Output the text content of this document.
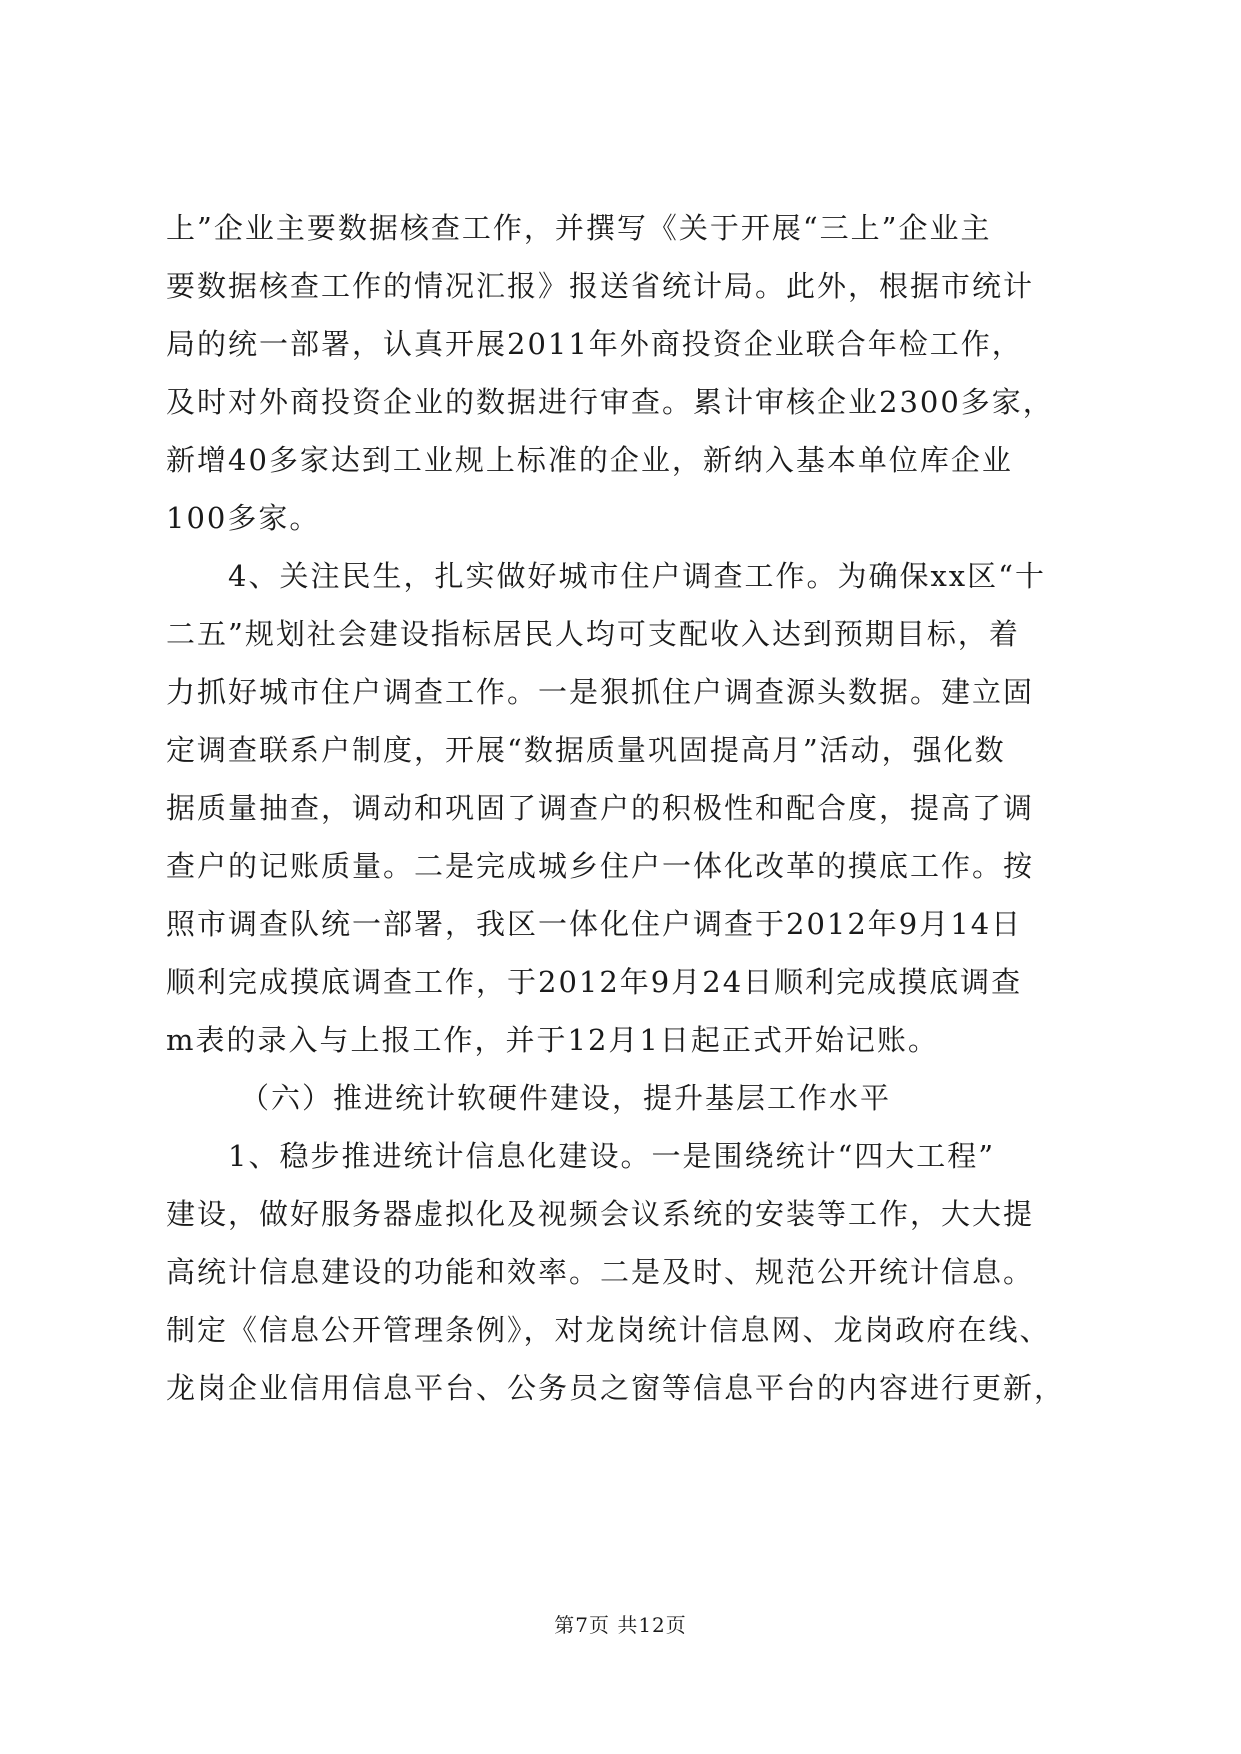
上”企业主要数据核查工作，并撰写《关于开展“三上”企业主
要数据核查工作的情况汇报》报送省统计局。此外，根据市统计
局的统一部署，认真开展2011年外商投资企业联合年检工作，
及时对外商投资企业的数据进行审查。累计审核企业2300多家，
新增40多家达到工业规上标准的企业，新纳入基本单位库企业
100多家。
4、关注民生，扎实做好城市住户调查工作。为确保xx区“十
二五”规划社会建设指标居民人均可支配收入达到预期目标，着
力抓好城市住户调查工作。一是狠抓住户调查源头数据。建立固
定调查联系户制度，开展“数据质量巩固提高月”活动，强化数
据质量抽查，调动和巩固了调查户的积极性和配合度，提高了调
查户的记账质量。二是完成城乡住户一体化改革的摸底工作。按
照市调查队统一部署，我区一体化住户调查于2012年9月14日
顺利完成摸底调查工作，于2012年9月24日顺利完成摸底调查
m表的录入与上报工作，并于12月1日起正式开始记账。
（六）推进统计软硬件建设，提升基层工作水平
1、稳步推进统计信息化建设。一是围绕统计“四大工程”
建设，做好服务器虚拟化及视频会议系统的安装等工作，大大提
高统计信息建设的功能和效率。二是及时、规范公开统计信息。
制定《信息公开管理条例》，对龙岗统计信息网、龙岗政府在线、
龙岗企业信用信息平台、公务员之窗等信息平台的内容进行更新，
第7页 共12页
